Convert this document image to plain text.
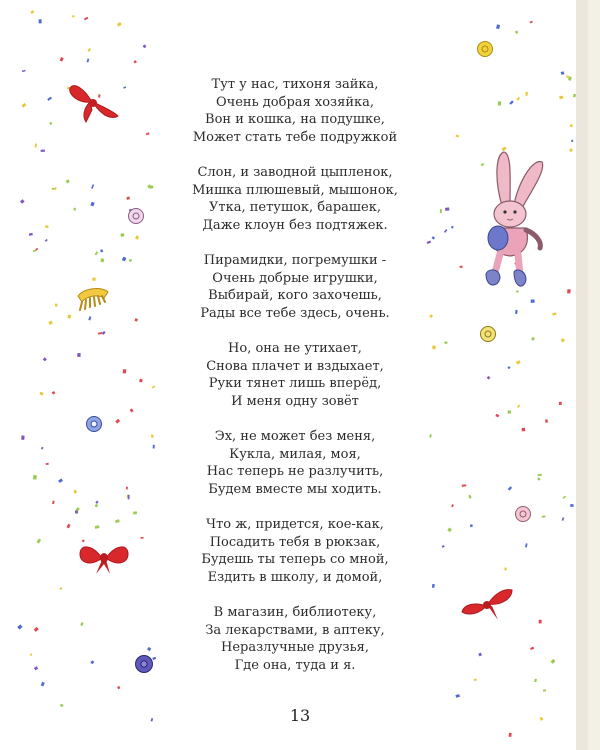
Тут у нас, тихоня зайка,
Очень добрая хозяйка,
Вон и кошка, на подушке,
Может стать тебе подружкой
Слон, и заводной цыпленок,
Мишка плюшевый, мышонок,
Утка, петушок, барашек,
Даже клоун без подтяжек.
Пирамидки, погремушки -
Очень добрые игрушки,
Выбирай, кого захочешь,
Рады все тебе здесь, очень.
Но, она не утихает,
Снова плачет и вздыхает,
Руки тянет лишь вперёд,
И меня одну зовёт
Эх, не может без меня,
Кукла, милая, моя,
Нас теперь не разлучить,
Будем вместе мы ходить.
Что ж, придется, кое-как,
Посадить тебя в рюкзак,
Будешь ты теперь со мной,
Ездить в школу, и домой,
В магазин, библиотеку,
За лекарствами, в аптеку,
Неразлучные друзья,
Где она, туда и я.
13
